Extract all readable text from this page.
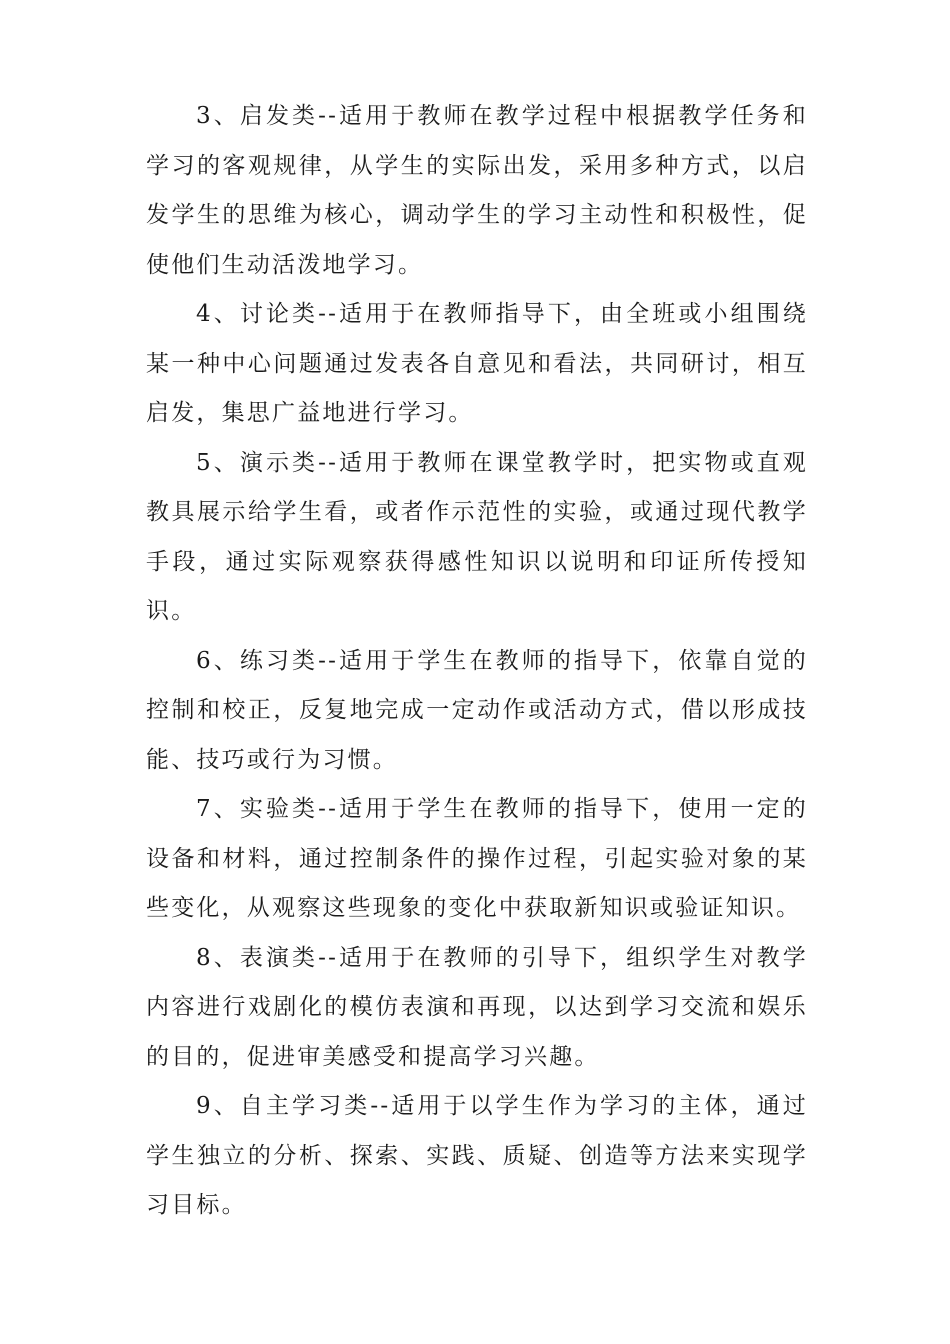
3、启发类--适用于教师在教学过程中根据教学任务和学习的客观规律，从学生的实际出发，采用多种方式，以启发学生的思维为核心，调动学生的学习主动性和积极性，促使他们生动活泼地学习。

4、讨论类--适用于在教师指导下，由全班或小组围绕某一种中心问题通过发表各自意见和看法，共同研讨，相互启发，集思广益地进行学习。

5、演示类--适用于教师在课堂教学时，把实物或直观教具展示给学生看，或者作示范性的实验，或通过现代教学手段，通过实际观察获得感性知识以说明和印证所传授知识。

6、练习类--适用于学生在教师的指导下，依靠自觉的控制和校正，反复地完成一定动作或活动方式，借以形成技能、技巧或行为习惯。

7、实验类--适用于学生在教师的指导下，使用一定的设备和材料，通过控制条件的操作过程，引起实验对象的某些变化，从观察这些现象的变化中获取新知识或验证知识。

8、表演类--适用于在教师的引导下，组织学生对教学内容进行戏剧化的模仿表演和再现，以达到学习交流和娱乐的目的，促进审美感受和提高学习兴趣。

9、自主学习类--适用于以学生作为学习的主体，通过学生独立的分析、探索、实践、质疑、创造等方法来实现学习目标。
